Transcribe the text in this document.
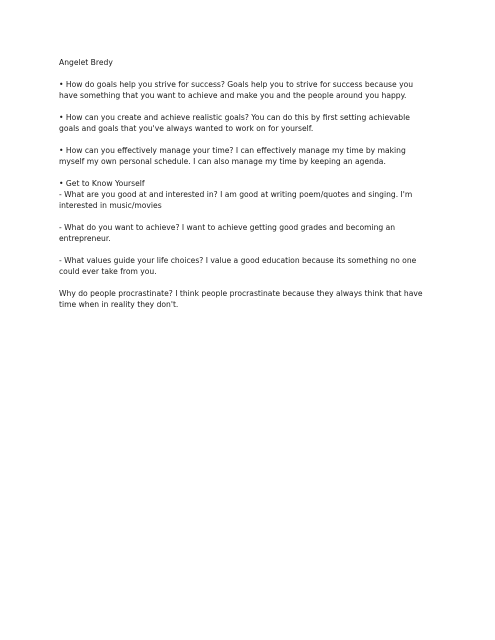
Angelet Bredy

• How do goals help you strive for success? Goals help you to strive for success because you
have something that you want to achieve and make you and the people around you happy.

• How can you create and achieve realistic goals? You can do this by first setting achievable
goals and goals that you've always wanted to work on for yourself.

• How can you effectively manage your time? I can effectively manage my time by making
myself my own personal schedule. I can also manage my time by keeping an agenda.

• Get to Know Yourself
- What are you good at and interested in? I am good at writing poem/quotes and singing. I'm
interested in music/movies

- What do you want to achieve? I want to achieve getting good grades and becoming an
entrepreneur.

- What values guide your life choices? I value a good education because its something no one
could ever take from you.

Why do people procrastinate? I think people procrastinate because they always think that have
time when in reality they don't.
